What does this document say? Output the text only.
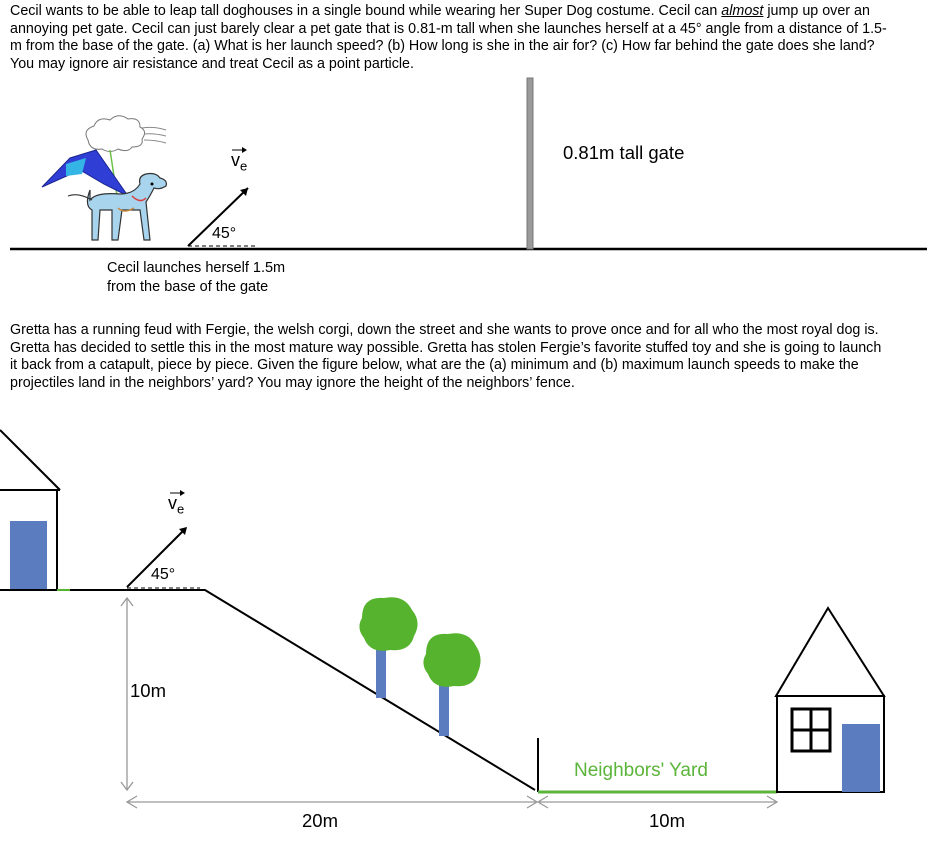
Cecil wants to be able to leap tall doghouses in a single bound while wearing her Super Dog costume. Cecil can almost jump up over an annoying pet gate. Cecil can just barely clear a pet gate that is 0.81-m tall when she launches herself at a 45° angle from a distance of 1.5-m from the base of the gate. (a) What is her launch speed? (b) How long is she in the air for? (c) How far behind the gate does she land? You may ignore air resistance and treat Cecil as a point particle.
$v_e$
45°
0.81m tall gate
Cecil launches herself 1.5m
from the base of the gate
Gretta has a running feud with Fergie, the welsh corgi, down the street and she wants to prove once and for all who the most royal dog is. Gretta has decided to settle this in the most mature way possible. Gretta has stolen Fergie’s favorite stuffed toy and she is going to launch it back from a catapult, piece by piece. Given the figure below, what are the (a) minimum and (b) maximum launch speeds to make the projectiles land in the neighbors’ yard? You may ignore the height of the neighbors’ fence.
$v_e$
45°
10m
20m	10m
Neighbors' Yard
